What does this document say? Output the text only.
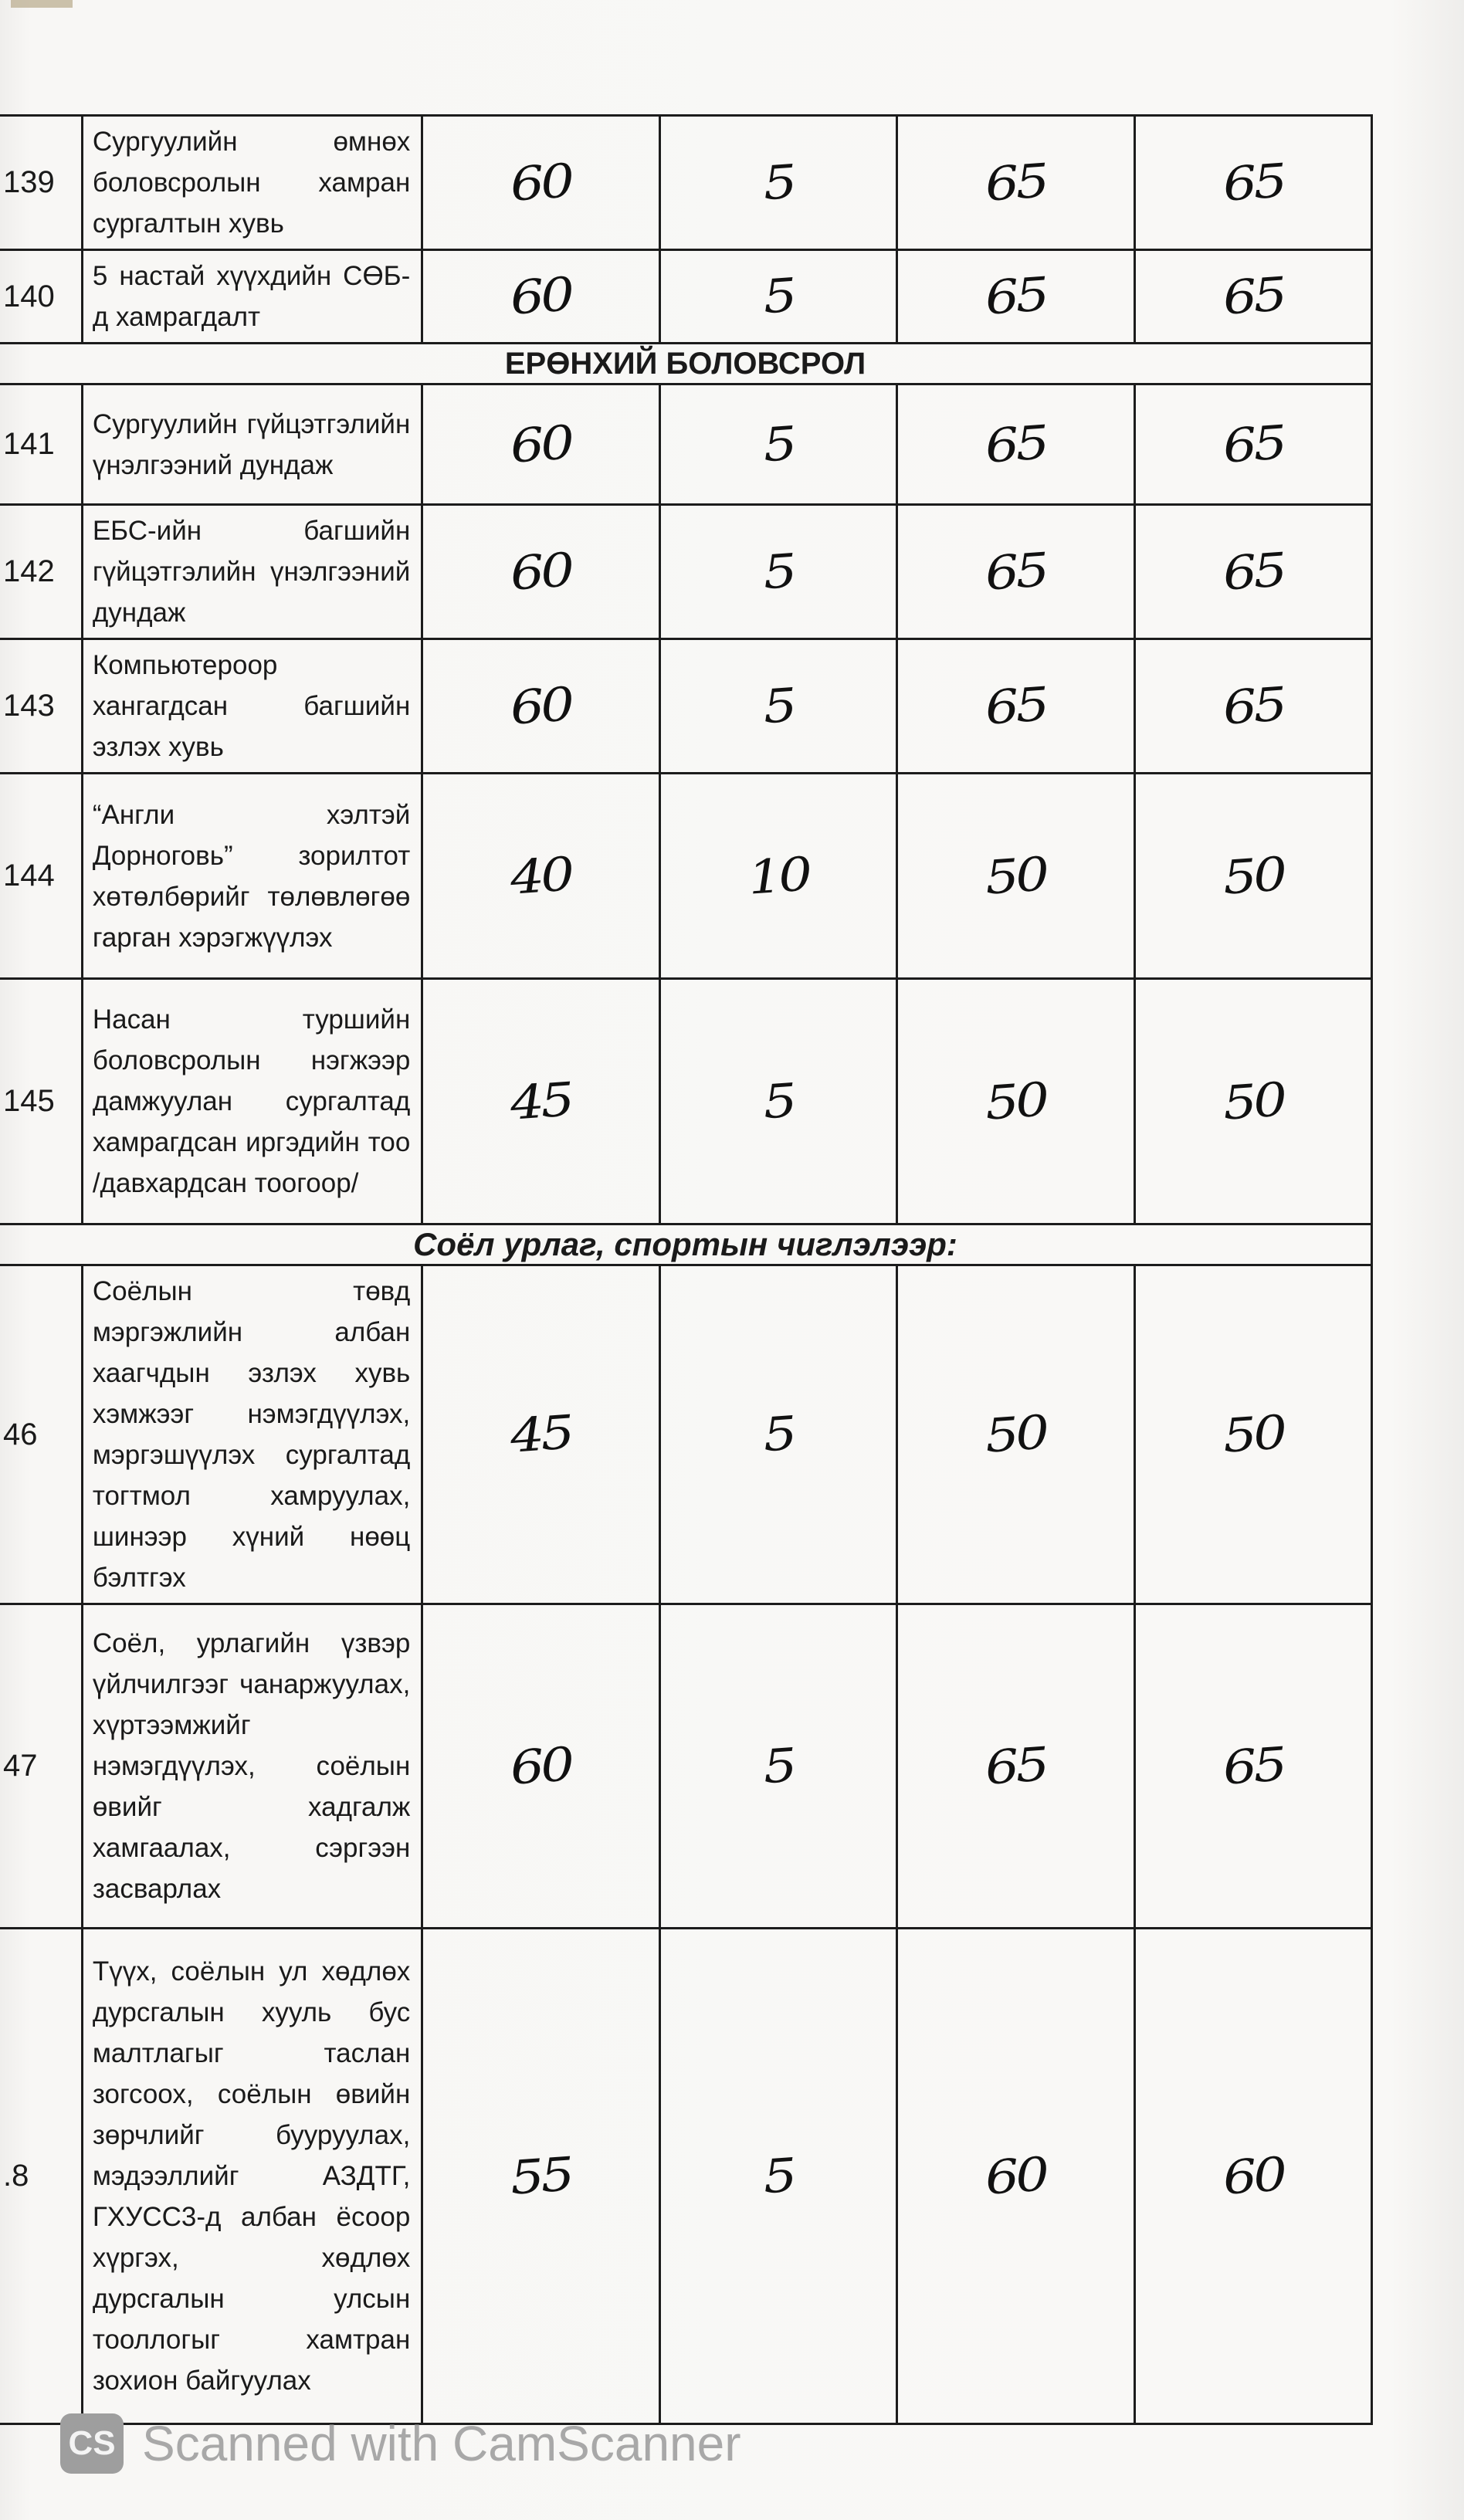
139	Сургуулийн өмнөх боловсролын хамран сургалтын хувь	60	5	65	65
140	5 настай хүүхдийн СӨБ-д хамрагдалт	60	5	65	65
ЕРӨНХИЙ БОЛОВСРОЛ					
141	Сургуулийн гүйцэтгэлийн үнэлгээний дундаж	60	5	65	65
142	ЕБС-ийн багшийн гүйцэтгэлийн үнэлгээний дундаж	60	5	65	65
143	Компьютероор хангагдсан багшийн эзлэх хувь	60	5	65	65
144	“Англи хэлтэй Дорноговь” зорилтот хөтөлбөрийг төлөвлөгөө гарган хэрэгжүүлэх	40	10	50	50
145	Насан туршийн боловсролын нэгжээр дамжуулан сургалтад хамрагдсан иргэдийн тоо /давхардсан тоогоор/	45	5	50	50
Соёл урлаг, спортын чиглэлээр:					
46	Соёлын төвд мэргэжлийн албан хаагчдын эзлэх хувь хэмжээг нэмэгдүүлэх, мэргэшүүлэх сургалтад тогтмол хамруулах, шинээр хүний нөөц бэлтгэх	45	5	50	50
47	Соёл, урлагийн үзвэр үйлчилгээг чанаржуулах, хүртээмжийг нэмэгдүүлэх, соёлын өвийг хадгалж хамгаалах, сэргээн засварлах	60	5	65	65
.8	Түүх, соёлын ул хөдлөх дурсгалын хууль бус малтлагыг таслан зогсоох, соёлын өвийн зөрчлийг бууруулах, мэдээллийг АЗДТГ, ГХУСС3-д албан ёсоор хүргэх, хөдлөх дурсгалын улсын тооллогыг хамтран зохион байгуулах	55	5	60	60
CS Scanned with CamScanner
